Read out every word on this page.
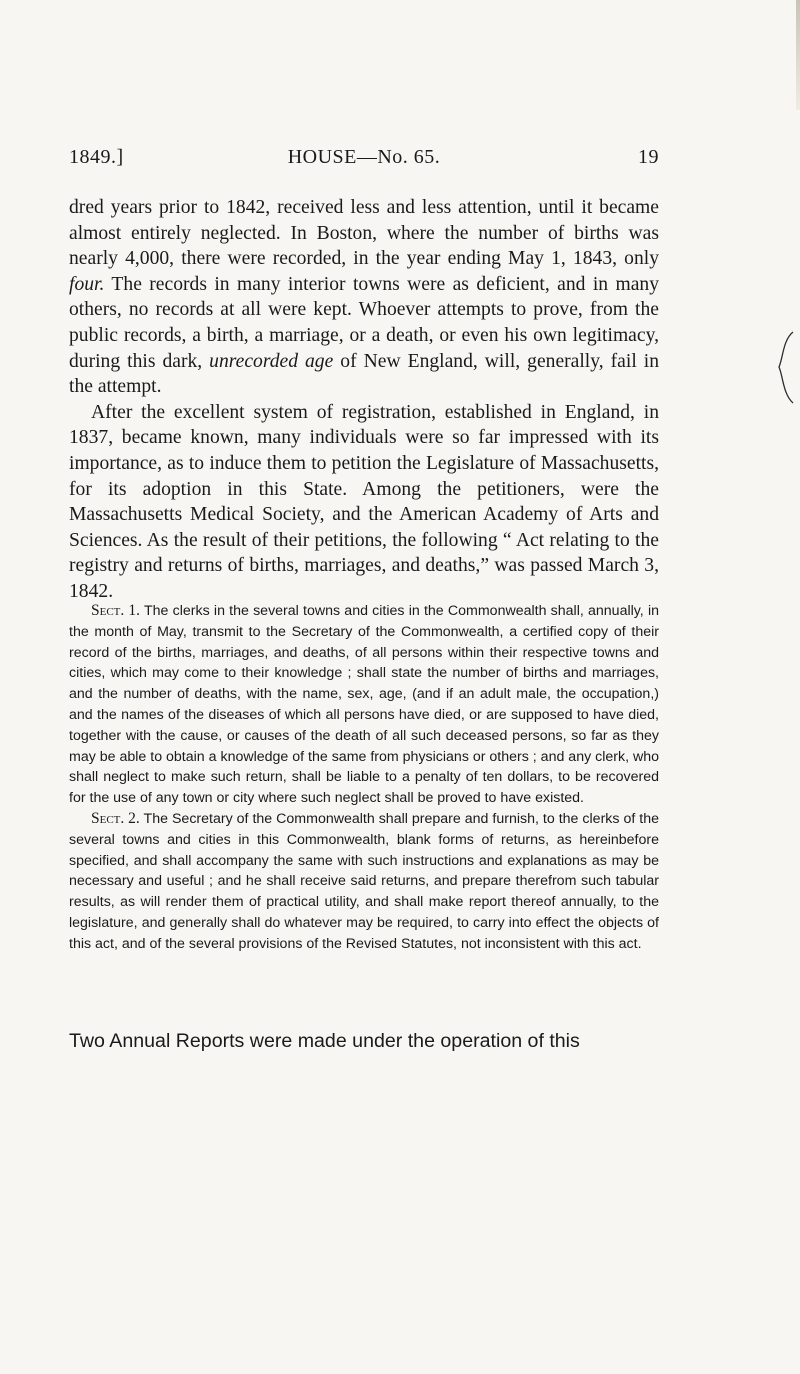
1849.]	HOUSE—No. 65.	19

dred years prior to 1842, received less and less attention, until it became almost entirely neglected. In Boston, where the number of births was nearly 4,000, there were recorded, in the year ending May 1, 1843, only four. The records in many interior towns were as deficient, and in many others, no records at all were kept. Whoever attempts to prove, from the public records, a birth, a marriage, or a death, or even his own legitimacy, during this dark, unrecorded age of New England, will, generally, fail in the attempt.

After the excellent system of registration, established in England, in 1837, became known, many individuals were so far impressed with its importance, as to induce them to petition the Legislature of Massachusetts, for its adoption in this State. Among the petitioners, were the Massachusetts Medical Society, and the American Academy of Arts and Sciences. As the result of their petitions, the following “ Act relating to the registry and returns of births, marriages, and deaths,” was passed March 3, 1842.

Sect. 1. The clerks in the several towns and cities in the Commonwealth shall, annually, in the month of May, transmit to the Secretary of the Commonwealth, a certified copy of their record of the births, marriages, and deaths, of all persons within their respective towns and cities, which may come to their knowledge ; shall state the number of births and marriages, and the number of deaths, with the name, sex, age, (and if an adult male, the occupation,) and the names of the diseases of which all persons have died, or are supposed to have died, together with the cause, or causes of the death of all such deceased persons, so far as they may be able to obtain a knowledge of the same from physicians or others ; and any clerk, who shall neglect to make such return, shall be liable to a penalty of ten dollars, to be recovered for the use of any town or city where such neglect shall be proved to have existed.

Sect. 2. The Secretary of the Commonwealth shall prepare and furnish, to the clerks of the several towns and cities in this Commonwealth, blank forms of returns, as hereinbefore specified, and shall accompany the same with such instructions and explanations as may be necessary and useful ; and he shall receive said returns, and prepare therefrom such tabular results, as will render them of practical utility, and shall make report thereof annually, to the legislature, and generally shall do whatever may be required, to carry into effect the objects of this act, and of the several provisions of the Revised Statutes, not inconsistent with this act.

Two Annual Reports were made under the operation of this
